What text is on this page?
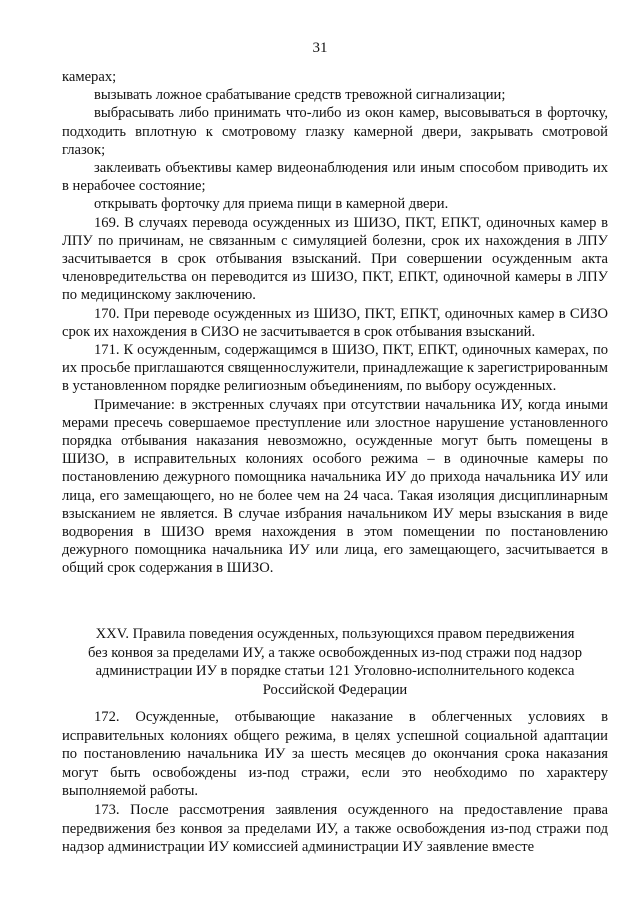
31

камерах;

вызывать ложное срабатывание средств тревожной сигнализации;

выбрасывать либо принимать что-либо из окон камер, высовываться в форточку, подходить вплотную к смотровому глазку камерной двери, закрывать смотровой глазок;

заклеивать объективы камер видеонаблюдения или иным способом приводить их в нерабочее состояние;

открывать форточку для приема пищи в камерной двери.

169. В случаях перевода осужденных из ШИЗО, ПКТ, ЕПКТ, одиночных камер в ЛПУ по причинам, не связанным с симуляцией болезни, срок их нахождения в ЛПУ засчитывается в срок отбывания взысканий. При совершении осужденным акта членовредительства он переводится из ШИЗО, ПКТ, ЕПКТ, одиночной камеры в ЛПУ по медицинскому заключению.

170. При переводе осужденных из ШИЗО, ПКТ, ЕПКТ, одиночных камер в СИЗО срок их нахождения в СИЗО не засчитывается в срок отбывания взысканий.

171. К осужденным, содержащимся в ШИЗО, ПКТ, ЕПКТ, одиночных камерах, по их просьбе приглашаются священнослужители, принадлежащие к зарегистрированным в установленном порядке религиозным объединениям, по выбору осужденных.

Примечание: в экстренных случаях при отсутствии начальника ИУ, когда иными мерами пресечь совершаемое преступление или злостное нарушение установленного порядка отбывания наказания невозможно, осужденные могут быть помещены в ШИЗО, в исправительных колониях особого режима – в одиночные камеры по постановлению дежурного помощника начальника ИУ до прихода начальника ИУ или лица, его замещающего, но не более чем на 24 часа. Такая изоляция дисциплинарным взысканием не является. В случае избрания начальником ИУ меры взыскания в виде водворения в ШИЗО время нахождения в этом помещении по постановлению дежурного помощника начальника ИУ или лица, его замещающего, засчитывается в общий срок содержания в ШИЗО.

XXV. Правила поведения осужденных, пользующихся правом передвижения

без конвоя за пределами ИУ, а также освобожденных из-под стражи под надзор

администрации ИУ в порядке статьи 121 Уголовно-исполнительного кодекса

Российской Федерации

172. Осужденные, отбывающие наказание в облегченных условиях в исправительных колониях общего режима, в целях успешной социальной адаптации по постановлению начальника ИУ за шесть месяцев до окончания срока наказания могут быть освобождены из-под стражи, если это необходимо по характеру выполняемой работы.

173. После рассмотрения заявления осужденного на предоставление права передвижения без конвоя за пределами ИУ, а также освобождения из-под стражи под надзор администрации ИУ комиссией администрации ИУ заявление вместе
